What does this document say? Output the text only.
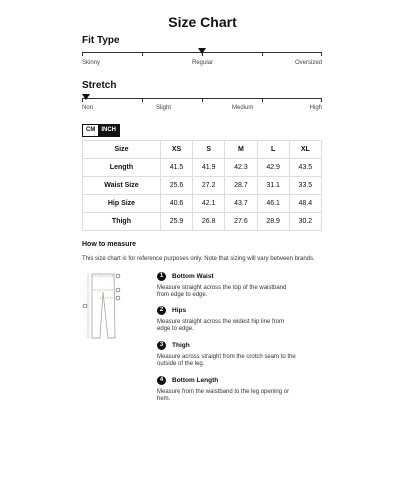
Size Chart
Fit Type
Skinny	Regular	Oversized
Stretch
Non	Slight	Medium	High
CM	INCH
Size	XS	S	M	L	XL
Length	41.5	41.9	42.3	42.9	43.5
Waist Size	25.6	27.2	28.7	31.1	33.5
Hip Size	40.6	42.1	43.7	46.1	48.4
Thigh	25.9	26.8	27.6	28.9	30.2
How to measure
This size chart is for reference purposes only. Note that sizing will vary between brands.
1	Bottom Waist
Measure straight across the top of the waistband from edge to edge.
2	Hips
Measure straight across the widest hip line from edge to edge.
3	Thigh
Measure across straight from the crotch seam to the outside of the leg.
4	Bottom Length
Measure from the waistband to the leg opening or hem.
